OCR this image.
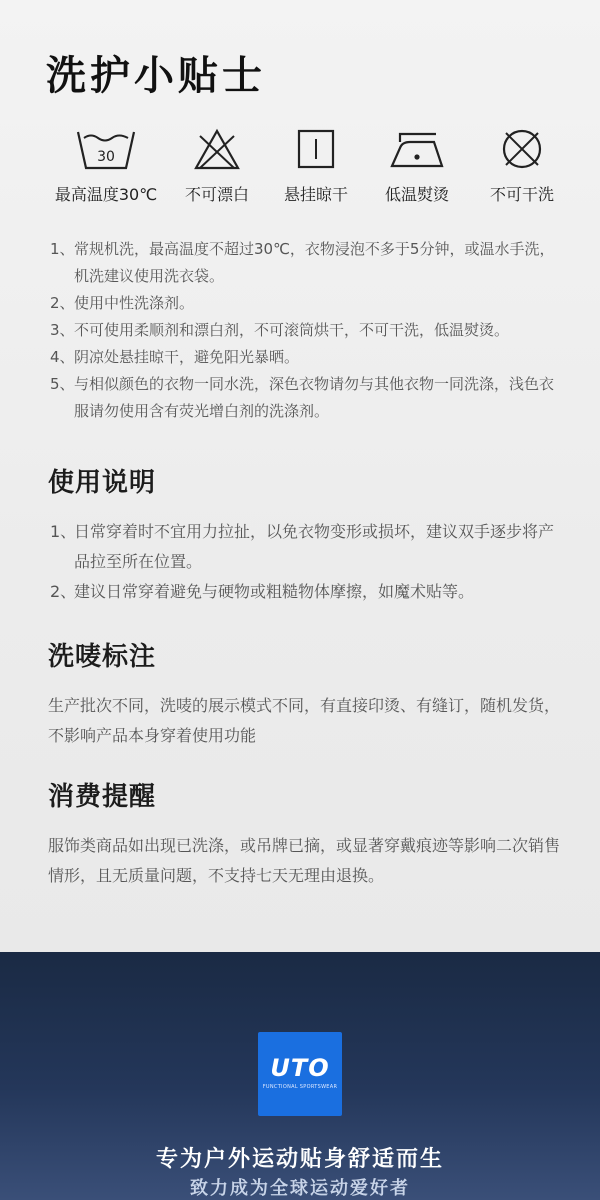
洗护小贴士
30
最高温度30℃	不可漂白	悬挂晾干	低温熨烫	不可干洗
1、 常规机洗，最高温度不超过30℃，衣物浸泡不多于5分钟，或温水手洗，机洗建议使用洗衣袋。
2、 使用中性洗涤剂。
3、 不可使用柔顺剂和漂白剂，不可滚筒烘干，不可干洗，低温熨烫。
4、 阴凉处悬挂晾干，避免阳光暴晒。
5、 与相似颜色的衣物一同水洗，深色衣物请勿与其他衣物一同洗涤，浅色衣服请勿使用含有荧光增白剂的洗涤剂。
使用说明
1、
日常穿着时不宜用力拉扯，以免衣物变形或损坏，建议双手逐步将产品拉至所在位置。
2、
建议日常穿着避免与硬物或粗糙物体摩擦，如魔术贴等。
洗唛标注

生产批次不同，洗唛的展示模式不同，有直接印烫、有缝订，随机发货，不影响产品本身穿着使用功能

消费提醒

服饰类商品如出现已洗涤，或吊牌已摘，或显著穿戴痕迹等影响二次销售情形，且无质量问题，不支持七天无理由退换。

UTO
FUNCTIONAL SPORTSWEAR
专为户外运动贴身舒适而生
致力成为全球运动爱好者
